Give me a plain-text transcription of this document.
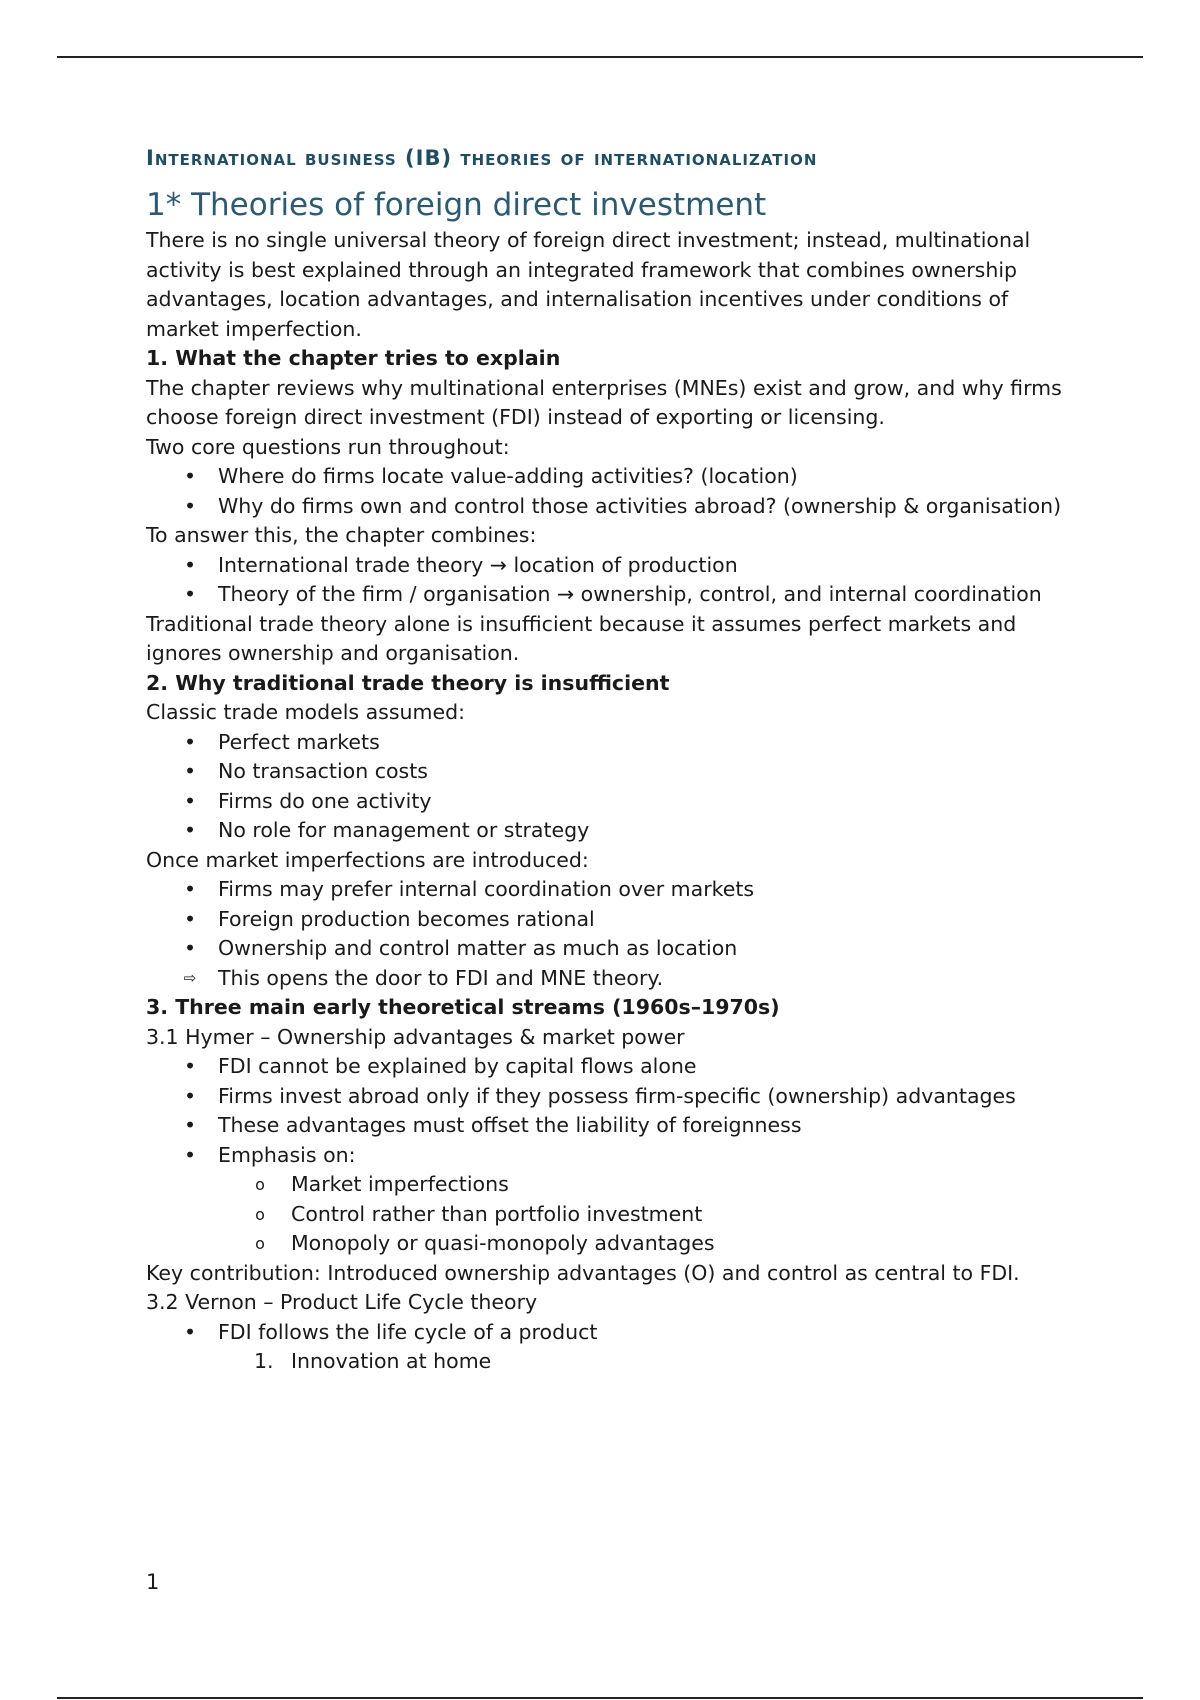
International business (IB) theories of internationalization
1* Theories of foreign direct investment

There is no single universal theory of foreign direct investment; instead, multinational activity is best explained through an integrated framework that combines ownership advantages, location advantages, and internalisation incentives under conditions of market imperfection.

1. What the chapter tries to explain

The chapter reviews why multinational enterprises (MNEs) exist and grow, and why firms choose foreign direct investment (FDI) instead of exporting or licensing.

Two core questions run throughout:

• Where do firms locate value-adding activities? (location)
• Why do firms own and control those activities abroad? (ownership & organisation)

To answer this, the chapter combines:

• International trade theory → location of production
• Theory of the firm / organisation → ownership, control, and internal coordination

Traditional trade theory alone is insufficient because it assumes perfect markets and ignores ownership and organisation.

2. Why traditional trade theory is insufficient

Classic trade models assumed:

• Perfect markets
• No transaction costs
• Firms do one activity
• No role for management or strategy

Once market imperfections are introduced:

• Firms may prefer internal coordination over markets
• Foreign production becomes rational
• Ownership and control matter as much as location
⇨ This opens the door to FDI and MNE theory.

3. Three main early theoretical streams (1960s–1970s)

3.1 Hymer – Ownership advantages & market power

• FDI cannot be explained by capital flows alone
• Firms invest abroad only if they possess firm-specific (ownership) advantages
• These advantages must offset the liability of foreignness
• Emphasis on:
o Market imperfections
o Control rather than portfolio investment
o Monopoly or quasi-monopoly advantages

Key contribution: Introduced ownership advantages (O) and control as central to FDI.

3.2 Vernon – Product Life Cycle theory

• FDI follows the life cycle of a product
1. Innovation at home
1
